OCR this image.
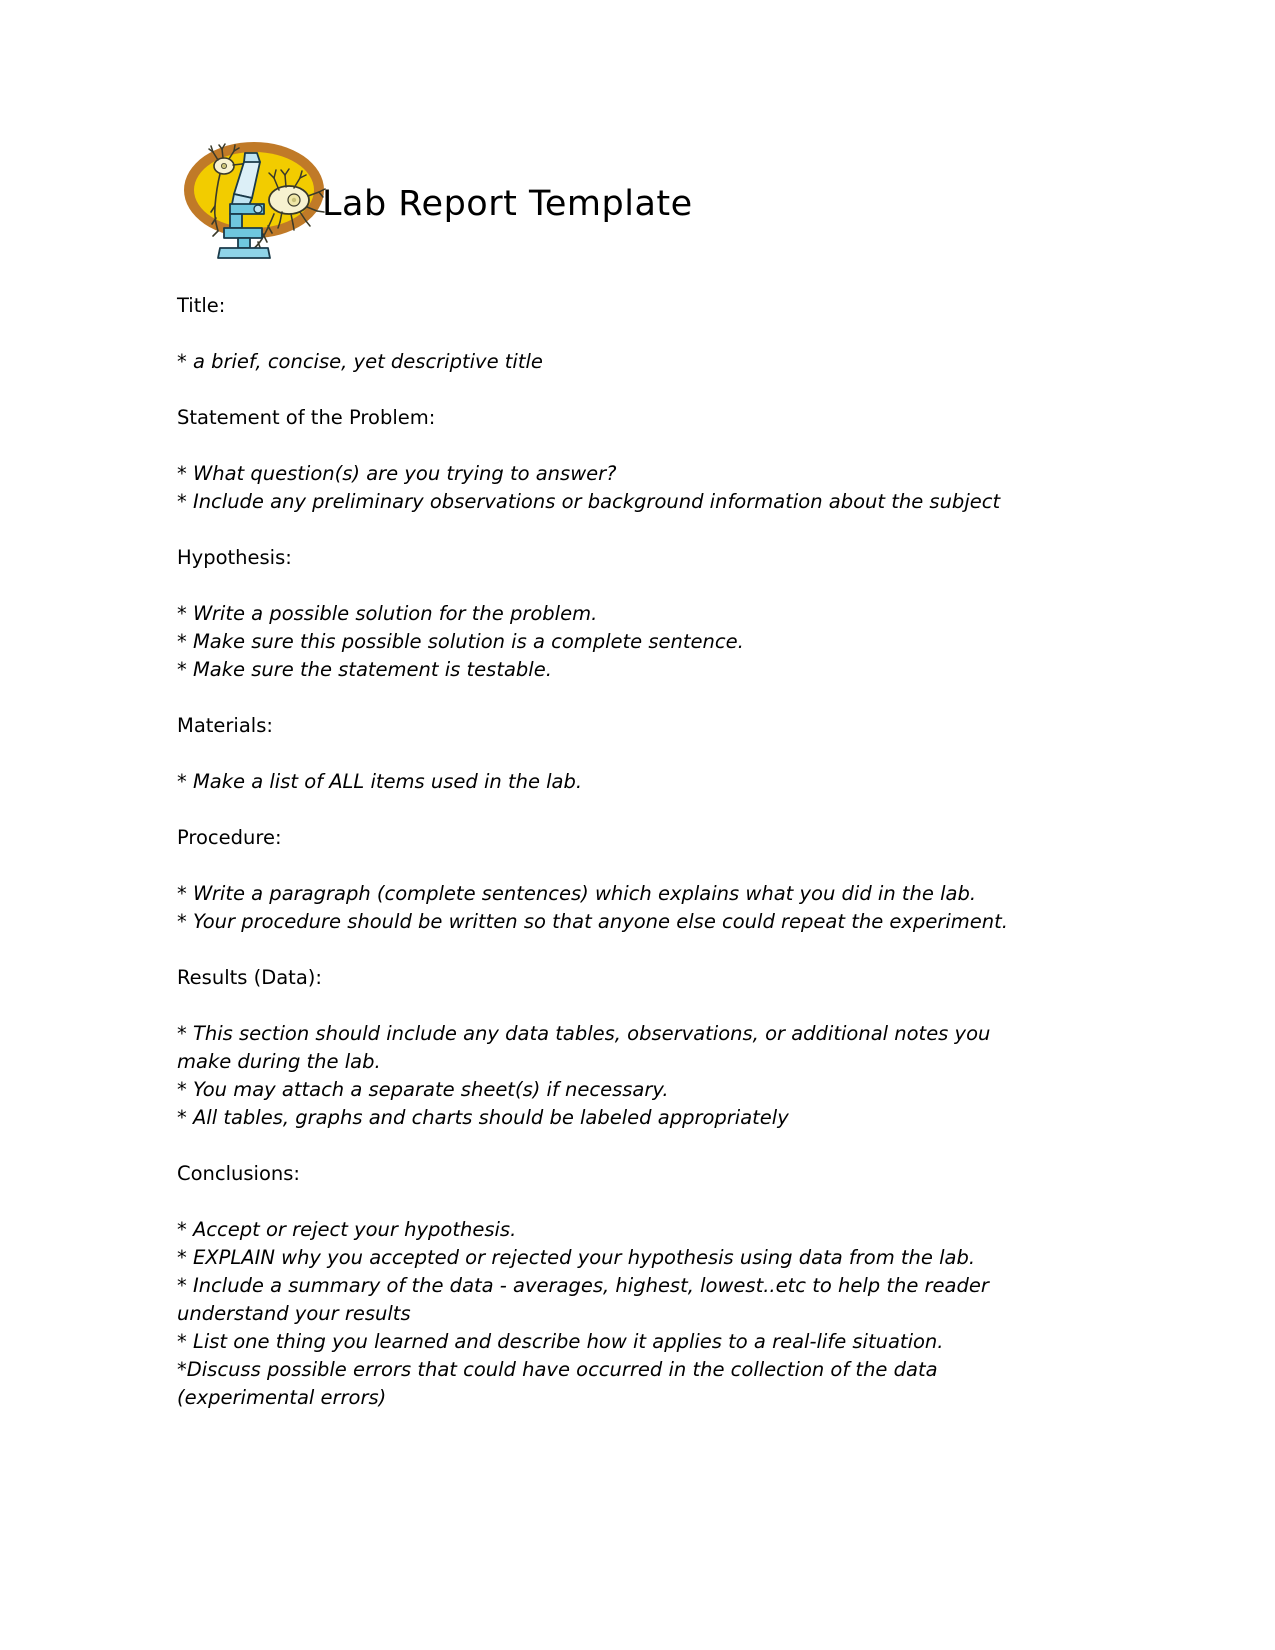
Lab Report Template

Title:

* a brief, concise, yet descriptive title

Statement of the Problem:

* What question(s) are you trying to answer?

* Include any preliminary observations or background information about the subject

Hypothesis:

* Write a possible solution for the problem.

* Make sure this possible solution is a complete sentence.

* Make sure the statement is testable.

Materials:

* Make a list of ALL items used in the lab.

Procedure:

* Write a paragraph (complete sentences) which explains what you did in the lab.

* Your procedure should be written so that anyone else could repeat the experiment.

Results (Data):

* This section should include any data tables, observations, or additional notes you make during the lab.

* You may attach a separate sheet(s) if necessary.

* All tables, graphs and charts should be labeled appropriately

Conclusions:

* Accept or reject your hypothesis.

* EXPLAIN why you accepted or rejected your hypothesis using data from the lab.

* Include a summary of the data - averages, highest, lowest..etc to help the reader understand your results

* List one thing you learned and describe how it applies to a real-life situation.

*Discuss possible errors that could have occurred in the collection of the data (experimental errors)
